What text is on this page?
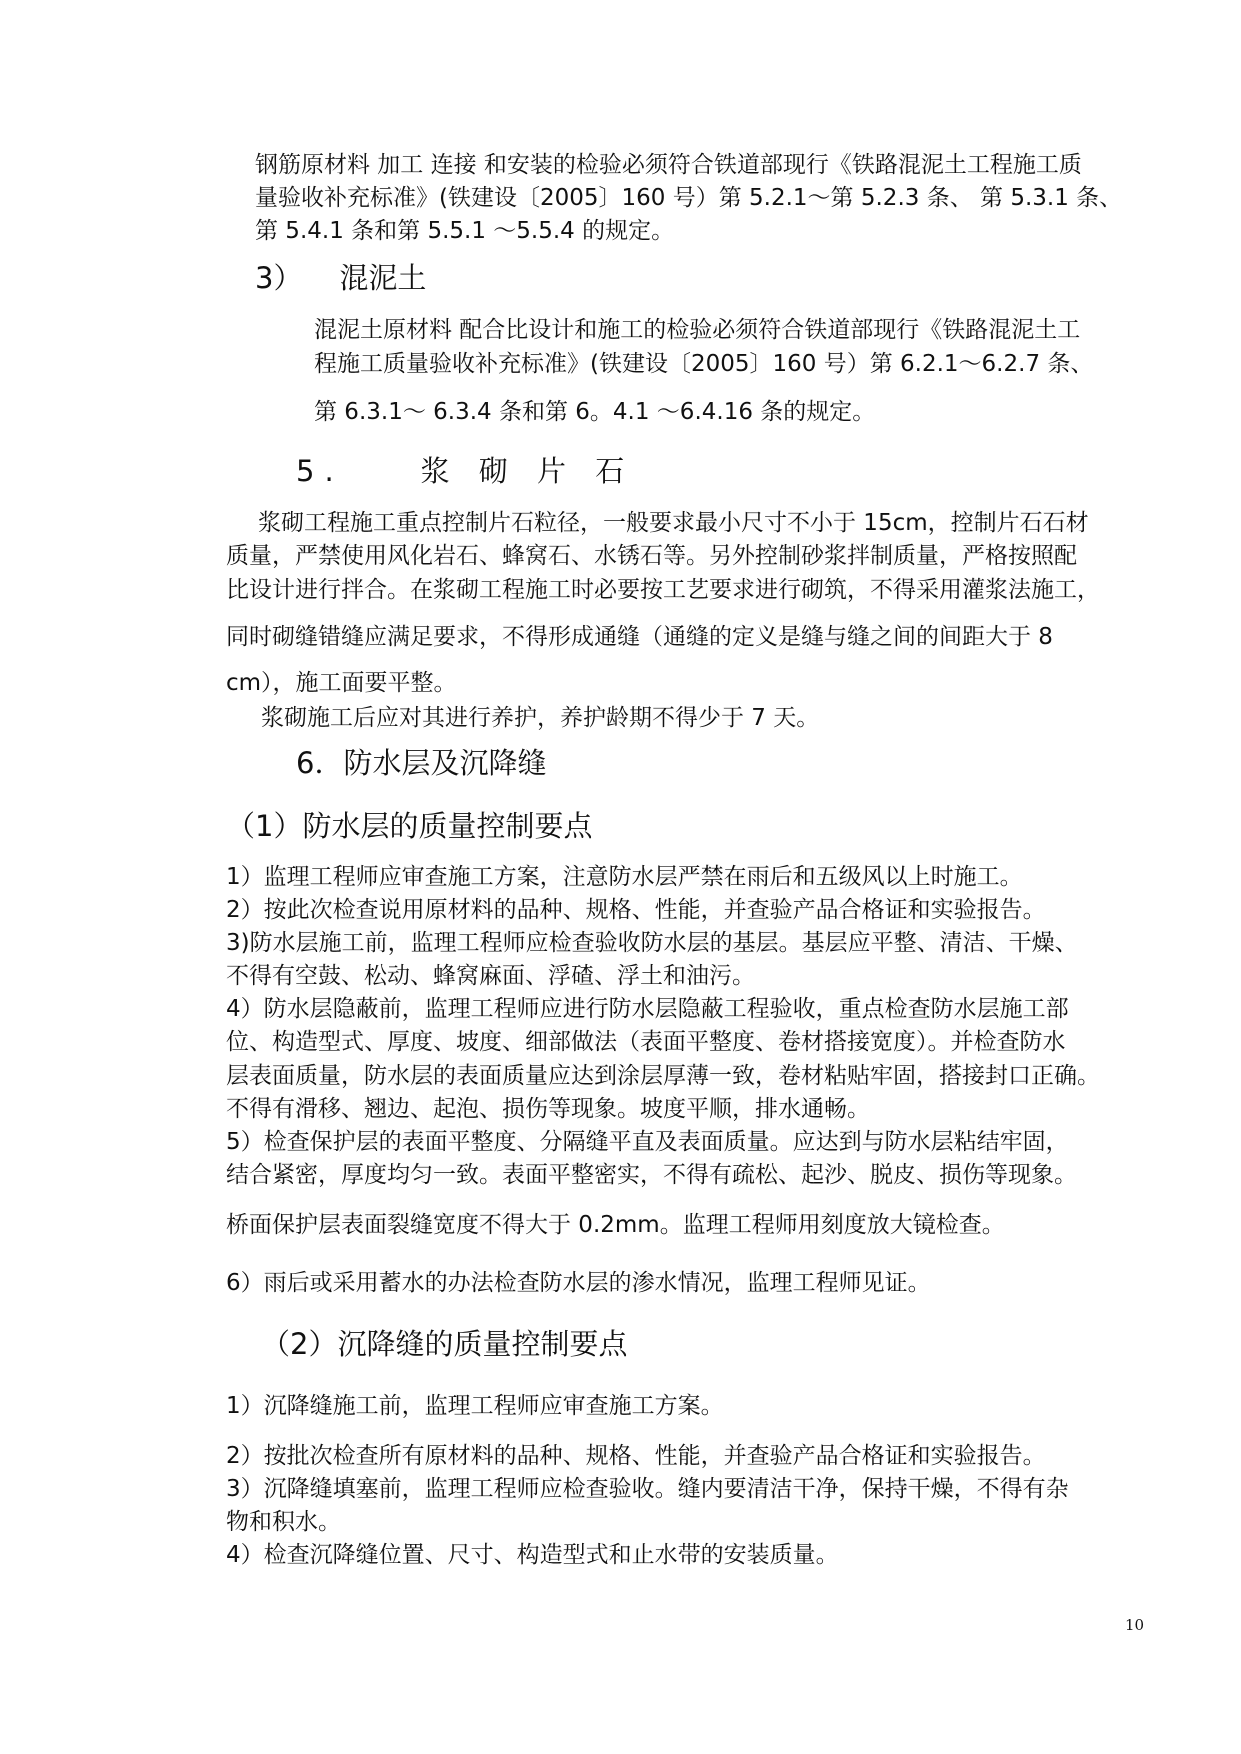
钢筋原材料 加工 连接 和安装的检验必须符合铁道部现行《铁路混泥土工程施工质
量验收补充标准》(铁建设〔2005〕160 号）第 5.2.1～第 5.2.3 条、 第 5.3.1 条、
第 5.4.1 条和第 5.5.1 ～5.5.4 的规定。
3）    混泥土
混泥土原材料 配合比设计和施工的检验必须符合铁道部现行《铁路混泥土工
程施工质量验收补充标准》(铁建设〔2005〕160 号）第 6.2.1～6.2.7 条、
第 6.3.1～ 6.3.4 条和第 6。4.1 ～6.4.16 条的规定。
5.    浆 砌 片 石
浆砌工程施工重点控制片石粒径，一般要求最小尺寸不小于 15cm，控制片石石材
质量，严禁使用风化岩石、蜂窝石、水锈石等。另外控制砂浆拌制质量，严格按照配
比设计进行拌合。在浆砌工程施工时必要按工艺要求进行砌筑，不得采用灌浆法施工，
同时砌缝错缝应满足要求，不得形成通缝（通缝的定义是缝与缝之间的间距大于 8
cm），施工面要平整。
浆砌施工后应对其进行养护，养护龄期不得少于 7 天。
6．防水层及沉降缝
（1）防水层的质量控制要点
1）监理工程师应审查施工方案，注意防水层严禁在雨后和五级风以上时施工。
2）按此次检查说用原材料的品种、规格、性能，并查验产品合格证和实验报告。
3)防水层施工前，监理工程师应检查验收防水层的基层。基层应平整、清洁、干燥、
不得有空鼓、松动、蜂窝麻面、浮碴、浮土和油污。
4）防水层隐蔽前，监理工程师应进行防水层隐蔽工程验收，重点检查防水层施工部
位、构造型式、厚度、坡度、细部做法（表面平整度、卷材搭接宽度）。并检查防水
层表面质量，防水层的表面质量应达到涂层厚薄一致，卷材粘贴牢固，搭接封口正确。
不得有滑移、翘边、起泡、损伤等现象。坡度平顺，排水通畅。
5）检查保护层的表面平整度、分隔缝平直及表面质量。应达到与防水层粘结牢固，
结合紧密，厚度均匀一致。表面平整密实，不得有疏松、起沙、脱皮、损伤等现象。
桥面保护层表面裂缝宽度不得大于 0.2mm。监理工程师用刻度放大镜检查。
6）雨后或采用蓄水的办法检查防水层的渗水情况，监理工程师见证。
（2）沉降缝的质量控制要点
1）沉降缝施工前，监理工程师应审查施工方案。
2）按批次检查所有原材料的品种、规格、性能，并查验产品合格证和实验报告。
3）沉降缝填塞前，监理工程师应检查验收。缝内要清洁干净，保持干燥，不得有杂
物和积水。
4）检查沉降缝位置、尺寸、构造型式和止水带的安装质量。
10
